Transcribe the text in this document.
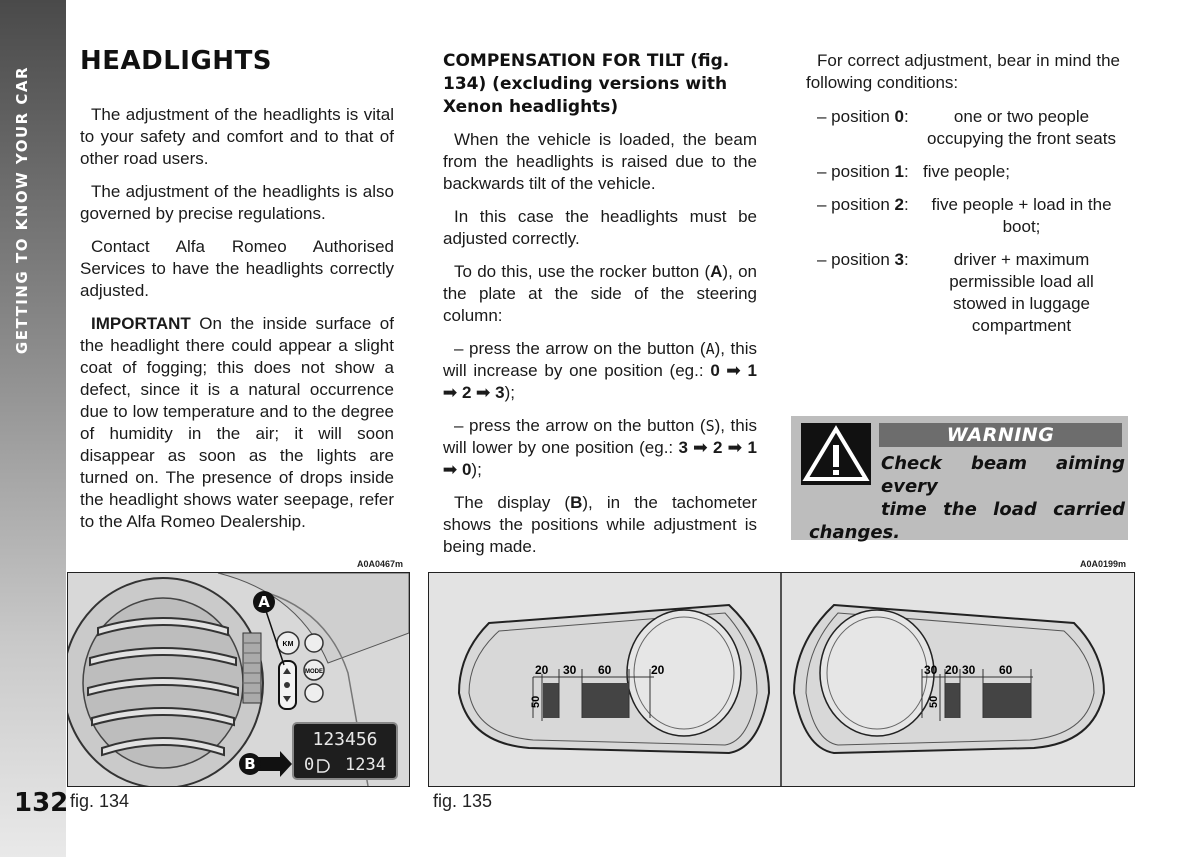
GETTING TO KNOW YOUR CAR
132
HEADLIGHTS

The adjustment of the headlights is vital to your safety and comfort and to that of other road users.

The adjustment of the headlights is also governed by precise regulations.

Contact Alfa Romeo Authorised Services to have the headlights correctly adjusted.

IMPORTANT On the inside surface of the headlight there could appear a slight coat of fogging; this does not show a defect, since it is a natural occurrence due to low temperature and to the degree of humidity in the air; it will soon disappear as soon as the lights are turned on. The presence of drops inside the headlight shows water seepage, refer to the Alfa Romeo Dealership.

COMPENSATION FOR TILT (fig. 134) (excluding versions with Xenon headlights)

When the vehicle is loaded, the beam from the headlights is raised due to the backwards tilt of the vehicle.

In this case the headlights must be adjusted correctly.

To do this, use the rocker button (A), on the plate at the side of the steering column:

– press the arrow on the button (A), this will increase by one position (eg.: 0 ➟ 1 ➟ 2 ➟ 3);

– press the arrow on the button (S), this will lower by one position (eg.: 3 ➟ 2 ➟ 1 ➟ 0);

The display (B), in the tachometer shows the positions while adjustment is being made.

For correct adjustment, bear in mind the following conditions:

– position 0:	one or two people occupying the front seats
– position 1: five people;
– position 2:	five people + load in the boot;
– position 3:	driver + maximum permissible load all stowed in luggage compartment
WARNING
Check beam aiming every
time the load carried
changes.
A0A0467m	A0A0199m
KM
MODE
A
123456
0 1234
B
fig. 134
20 30 60	20
50
30 20 30 60
50
fig. 135
